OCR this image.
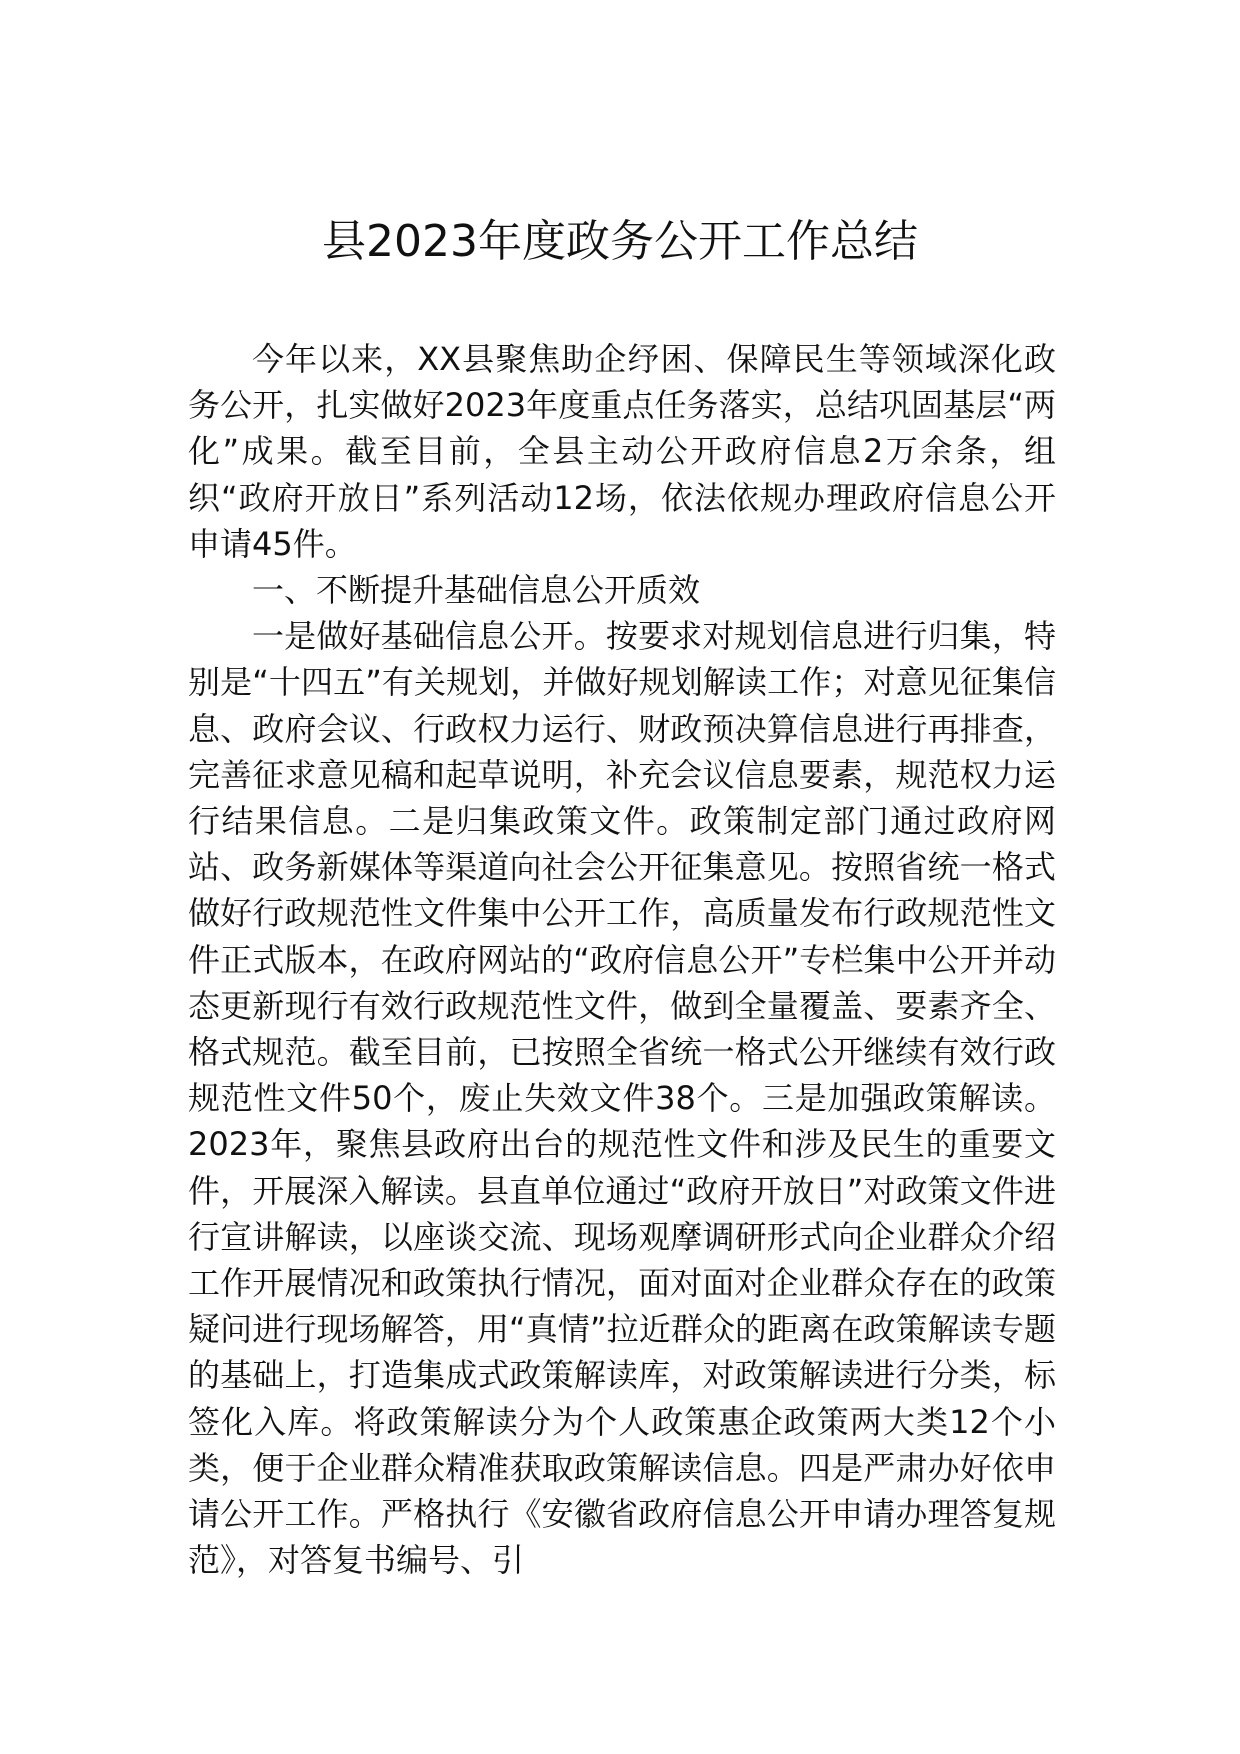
县2023年度政务公开工作总结

今年以来，XX县聚焦助企纾困、保障民生等领域深化政务公开，扎实做好2023年度重点任务落实，总结巩固基层“两化”成果。截至目前，全县主动公开政府信息2万余条，组织“政府开放日”系列活动12场，依法依规办理政府信息公开申请45件。

一、不断提升基础信息公开质效

一是做好基础信息公开。按要求对规划信息进行归集，特别是“十四五”有关规划，并做好规划解读工作；对意见征集信息、政府会议、行政权力运行、财政预决算信息进行再排查，完善征求意见稿和起草说明，补充会议信息要素，规范权力运行结果信息。二是归集政策文件。政策制定部门通过政府网站、政务新媒体等渠道向社会公开征集意见。按照省统一格式做好行政规范性文件集中公开工作，高质量发布行政规范性文件正式版本，在政府网站的“政府信息公开”专栏集中公开并动态更新现行有效行政规范性文件，做到全量覆盖、要素齐全、格式规范。截至目前，已按照全省统一格式公开继续有效行政规范性文件50个，废止失效文件38个。三是加强政策解读。2023年，聚焦县政府出台的规范性文件和涉及民生的重要文件，开展深入解读。县直单位通过“政府开放日”对政策文件进行宣讲解读，以座谈交流、现场观摩调研形式向企业群众介绍工作开展情况和政策执行情况，面对面对企业群众存在的政策疑问进行现场解答，用“真情”拉近群众的距离在政策解读专题的基础上，打造集成式政策解读库，对政策解读进行分类，标签化入库。将政策解读分为个人政策惠企政策两大类12个小类，便于企业群众精准获取政策解读信息。四是严肃办好依申请公开工作。严格执行《安徽省政府信息公开申请办理答复规范》，对答复书编号、引
